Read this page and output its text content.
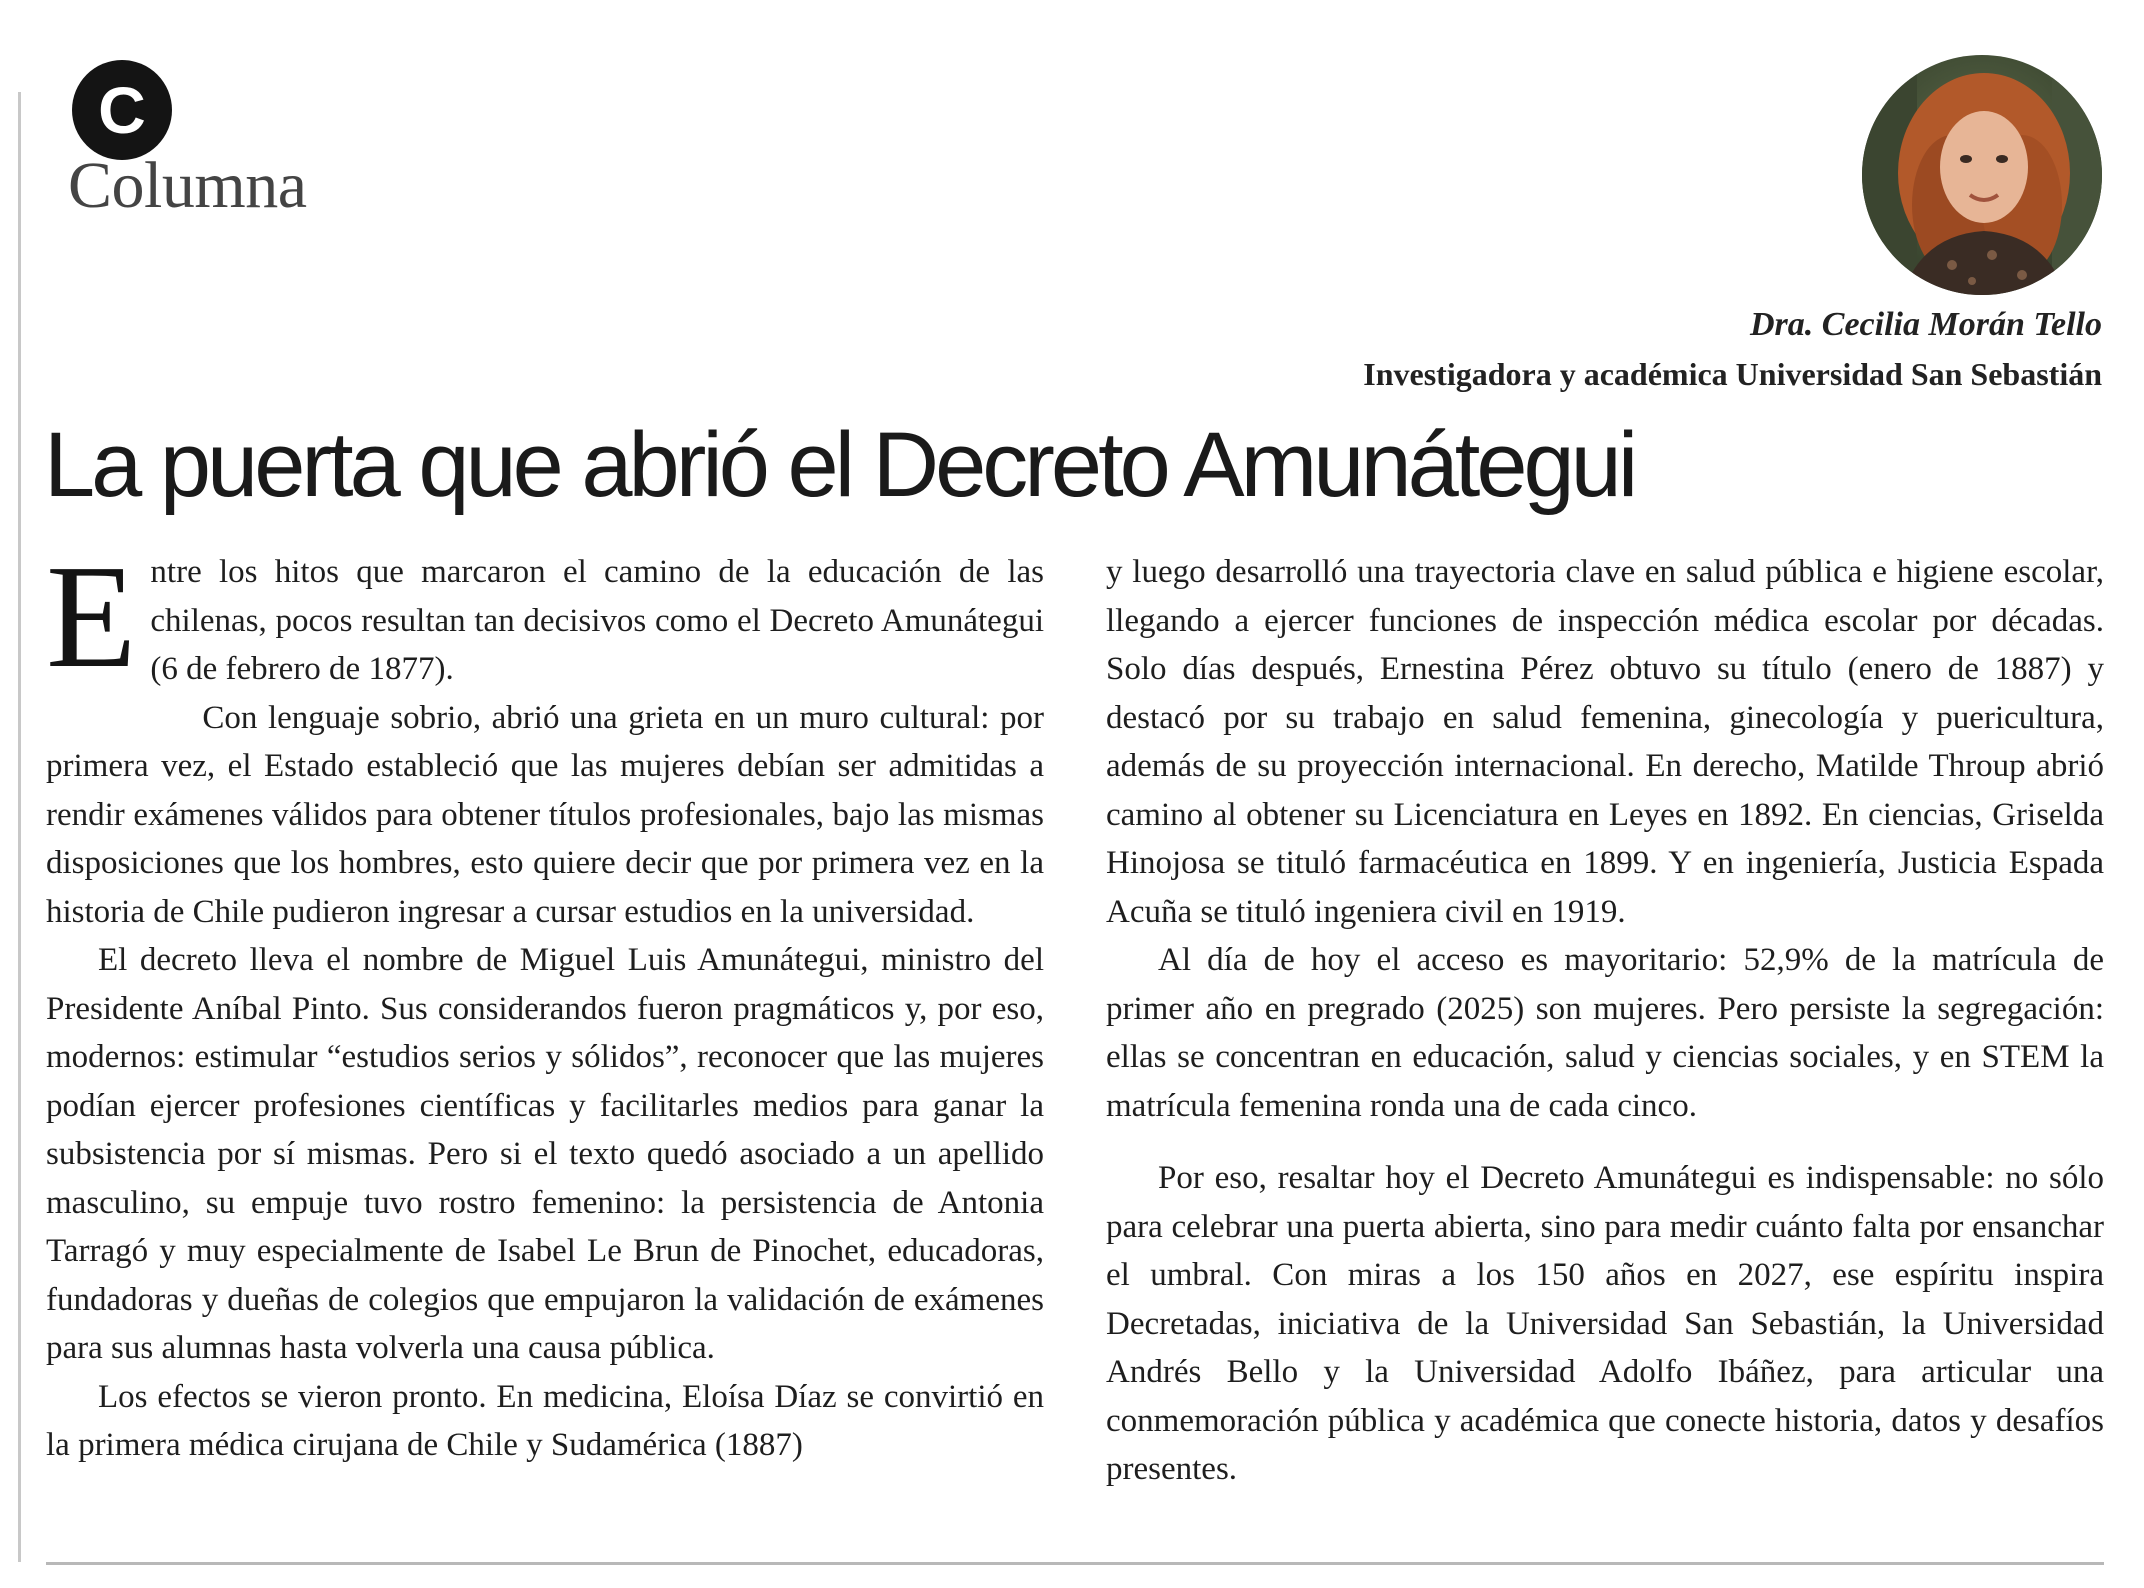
C
Columna
Dra. Cecilia Morán Tello
Investigadora y académica Universidad San Sebastián
La puerta que abrió el Decreto Amunátegui
E ntre los hitos que marcaron el camino de la educación de las chilenas, pocos resultan tan decisivos como el Decreto Amunátegui (6 de febrero de 1877).

Con lenguaje sobrio, abrió una grieta en un muro cultural: por primera vez, el Estado estableció que las mujeres debían ser admitidas a rendir exámenes válidos para obtener títulos profesionales, bajo las mismas disposiciones que los hombres, esto quiere decir que por primera vez en la historia de Chile pudieron ingresar a cursar estudios en la universidad.

El decreto lleva el nombre de Miguel Luis Amunátegui, ministro del Presidente Aníbal Pinto. Sus considerandos fueron pragmáticos y, por eso, modernos: estimular “estudios serios y sólidos”, reconocer que las mujeres podían ejercer profesiones científicas y facilitarles medios para ganar la subsistencia por sí mismas. Pero si el texto quedó asociado a un apellido masculino, su empuje tuvo rostro femenino: la persistencia de Antonia Tarragó y muy especialmente de Isabel Le Brun de Pinochet, educadoras, fundadoras y dueñas de colegios que empujaron la validación de exámenes para sus alumnas hasta volverla una causa pública.

Los efectos se vieron pronto. En medicina, Eloísa Díaz se convirtió en la primera médica cirujana de Chile y Sudamérica (1887)

y luego desarrolló una trayectoria clave en salud pública e higiene escolar, llegando a ejercer funciones de inspección médica escolar por décadas. Solo días después, Ernestina Pérez obtuvo su título (enero de 1887) y destacó por su trabajo en salud femenina, ginecología y puericultura, además de su proyección internacional. En derecho, Matilde Throup abrió camino al obtener su Licenciatura en Leyes en 1892. En ciencias, Griselda Hinojosa se tituló farmacéutica en 1899. Y en ingeniería, Justicia Espada Acuña se tituló ingeniera civil en 1919.

Al día de hoy el acceso es mayoritario: 52,9% de la matrícula de primer año en pregrado (2025) son mujeres. Pero persiste la segregación: ellas se concentran en educación, salud y ciencias sociales, y en STEM la matrícula femenina ronda una de cada cinco.

Por eso, resaltar hoy el Decreto Amunátegui es indispensable: no sólo para celebrar una puerta abierta, sino para medir cuánto falta por ensanchar el umbral. Con miras a los 150 años en 2027, ese espíritu inspira Decretadas, iniciativa de la Universidad San Sebastián, la Universidad Andrés Bello y la Universidad Adolfo Ibáñez, para articular una conmemoración pública y académica que conecte historia, datos y desafíos presentes.
